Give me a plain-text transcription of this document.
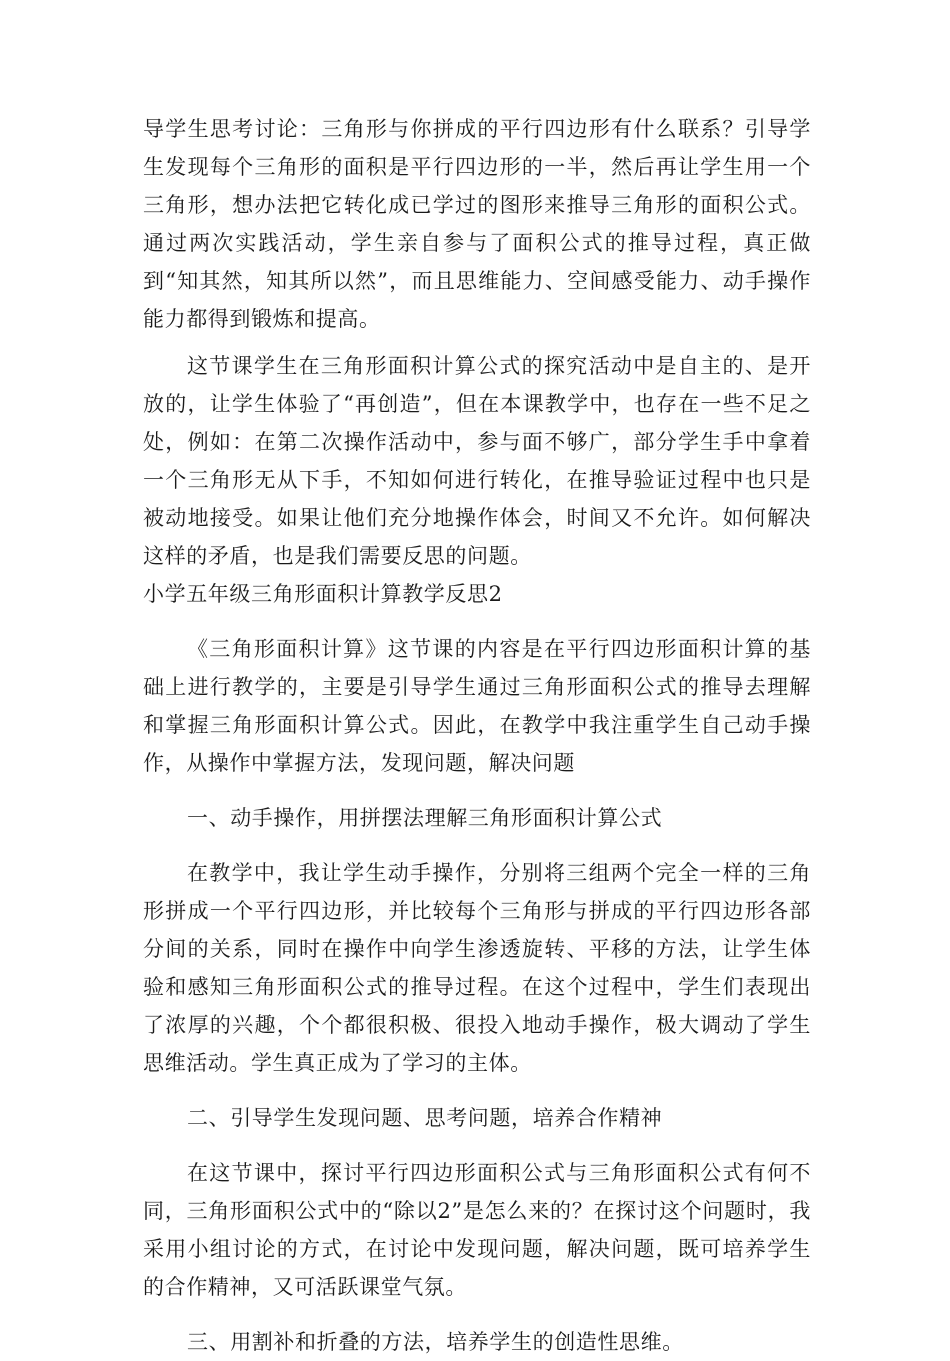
导学生思考讨论：三角形与你拼成的平行四边形有什么联系？引导学生发现每个三角形的面积是平行四边形的一半，然后再让学生用一个三角形，想办法把它转化成已学过的图形来推导三角形的面积公式。通过两次实践活动，学生亲自参与了面积公式的推导过程，真正做到“知其然，知其所以然”，而且思维能力、空间感受能力、动手操作能力都得到锻炼和提高。

这节课学生在三角形面积计算公式的探究活动中是自主的、是开放的，让学生体验了“再创造”，但在本课教学中，也存在一些不足之处，例如：在第二次操作活动中，参与面不够广，部分学生手中拿着一个三角形无从下手，不知如何进行转化，在推导验证过程中也只是被动地接受。如果让他们充分地操作体会，时间又不允许。如何解决这样的矛盾，也是我们需要反思的问题。

小学五年级三角形面积计算教学反思2

《三角形面积计算》这节课的内容是在平行四边形面积计算的基础上进行教学的，主要是引导学生通过三角形面积公式的推导去理解和掌握三角形面积计算公式。因此，在教学中我注重学生自己动手操作，从操作中掌握方法，发现问题，解决问题

一、动手操作，用拼摆法理解三角形面积计算公式

在教学中，我让学生动手操作，分别将三组两个完全一样的三角形拼成一个平行四边形，并比较每个三角形与拼成的平行四边形各部分间的关系，同时在操作中向学生渗透旋转、平移的方法，让学生体验和感知三角形面积公式的推导过程。在这个过程中，学生们表现出了浓厚的兴趣，个个都很积极、很投入地动手操作，极大调动了学生思维活动。学生真正成为了学习的主体。

二、引导学生发现问题、思考问题，培养合作精神

在这节课中，探讨平行四边形面积公式与三角形面积公式有何不同，三角形面积公式中的“除以2”是怎么来的？在探讨这个问题时，我采用小组讨论的方式，在讨论中发现问题，解决问题，既可培养学生的合作精神，又可活跃课堂气氛。

三、用割补和折叠的方法，培养学生的创造性思维。
